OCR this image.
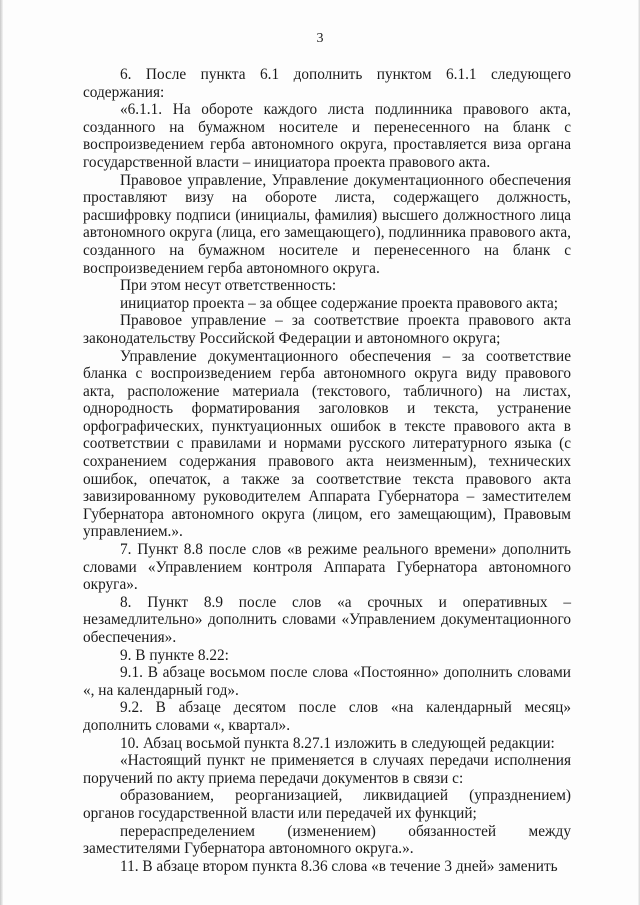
3

6. После пункта 6.1 дополнить пунктом 6.1.1 следующего содержания:

«6.1.1. На обороте каждого листа подлинника правового акта, созданного на бумажном носителе и перенесенного на бланк с воспроизведением герба автономного округа, проставляется виза органа государственной власти – инициатора проекта правового акта.

Правовое управление, Управление документационного обеспечения проставляют визу на обороте листа, содержащего должность, расшифровку подписи (инициалы, фамилия) высшего должностного лица автономного округа (лица, его замещающего), подлинника правового акта, созданного на бумажном носителе и перенесенного на бланк с воспроизведением герба автономного округа.

При этом несут ответственность:

инициатор проекта – за общее содержание проекта правового акта;

Правовое управление – за соответствие проекта правового акта законодательству Российской Федерации и автономного округа;

Управление документационного обеспечения – за соответствие бланка с воспроизведением герба автономного округа виду правового акта, расположение материала (текстового, табличного) на листах, однородность форматирования заголовков и текста, устранение орфографических, пунктуационных ошибок в тексте правового акта в соответствии с правилами и нормами русского литературного языка (с сохранением содержания правового акта неизменным), технических ошибок, опечаток, а также за соответствие текста правового акта завизированному руководителем Аппарата Губернатора – заместителем Губернатора автономного округа (лицом, его замещающим), Правовым управлением.».

7. Пункт 8.8 после слов «в режиме реального времени» дополнить словами «Управлением контроля Аппарата Губернатора автономного округа».

8. Пункт 8.9 после слов «а срочных и оперативных – незамедлительно» дополнить словами «Управлением документационного обеспечения».

9. В пункте 8.22:

9.1. В абзаце восьмом после слова «Постоянно» дополнить словами «, на календарный год».

9.2. В абзаце десятом после слов «на календарный месяц» дополнить словами «, квартал».

10. Абзац восьмой пункта 8.27.1 изложить в следующей редакции:

«Настоящий пункт не применяется в случаях передачи исполнения поручений по акту приема передачи документов в связи с:

образованием, реорганизацией, ликвидацией (упразднением) органов государственной власти или передачей их функций;

перераспределением (изменением) обязанностей между заместителями Губернатора автономного округа.».

11. В абзаце втором пункта 8.36 слова «в течение 3 дней» заменить
